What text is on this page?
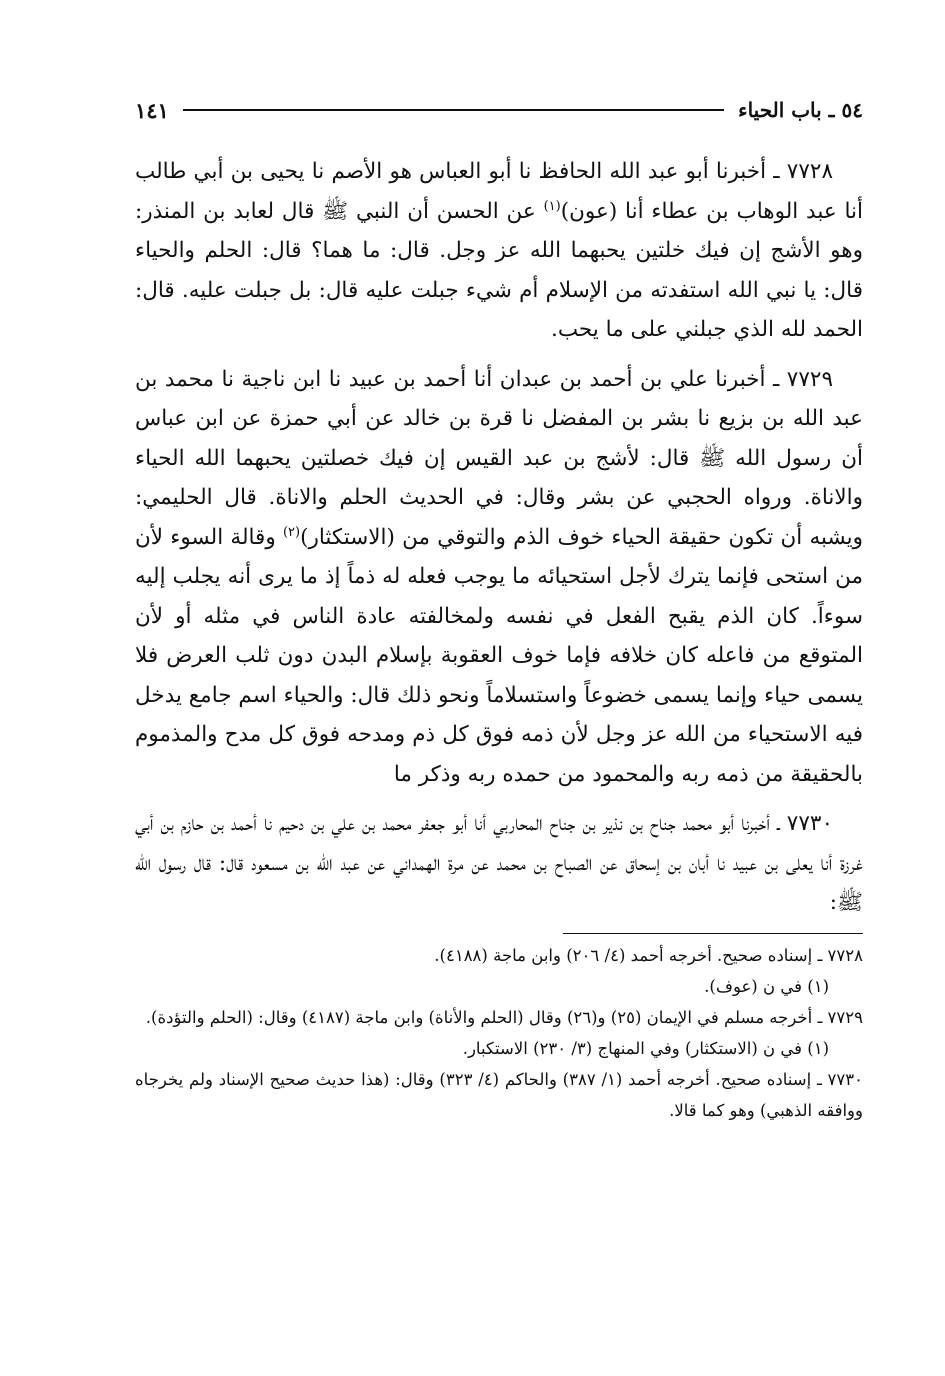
٥٤ ـ باب الحياء
١٤١

٧٧٢٨ ـ أخبرنا أبو عبد الله الحافظ نا أبو العباس هو الأصم نا يحيى بن أبي طالب أنا عبد الوهاب بن عطاء أنا (عون)$^{(١)}$ عن الحسن أن النبي ﷺ قال لعابد بن المنذر: وهو الأشج إن فيك خلتين يحبهما الله عز وجل. قال: ما هما؟ قال: الحلم والحياء قال: يا نبي الله استفدته من الإسلام أم شيء جبلت عليه قال: بل جبلت عليه. قال: الحمد لله الذي جبلني على ما يحب.

٧٧٢٩ ـ أخبرنا علي بن أحمد بن عبدان أنا أحمد بن عبيد نا ابن ناجية نا محمد بن عبد الله بن بزيع نا بشر بن المفضل نا قرة بن خالد عن أبي حمزة عن ابن عباس أن رسول الله ﷺ قال: لأشج بن عبد القيس إن فيك خصلتين يحبهما الله الحياء والاناة. ورواه الحجبي عن بشر وقال: في الحديث الحلم والاناة. قال الحليمي: ويشبه أن تكون حقيقة الحياء خوف الذم والتوقي من (الاستكثار)$^{(٢)}$ وقالة السوء لأن من استحى فإنما يترك لأجل استحيائه ما يوجب فعله له ذماً إذ ما يرى أنه يجلب إليه سوءاً. كان الذم يقبح الفعل في نفسه ولمخالفته عادة الناس في مثله أو لأن المتوقع من فاعله كان خلافه فإما خوف العقوبة بإسلام البدن دون ثلب العرض فلا يسمى حياء وإنما يسمى خضوعاً واستسلاماً ونحو ذلك قال: والحياء اسم جامع يدخل فيه الاستحياء من الله عز وجل لأن ذمه فوق كل ذم ومدحه فوق كل مدح والمذموم بالحقيقة من ذمه ربه والمحمود من حمده ربه وذكر ما

٧٧٣٠ ـ أخبرنا أبو محمد جناح بن نذير بن جناح المحاربي أنا أبو جعفر محمد بن علي بن دحيم نا أحمد بن حازم بن أبي غرزة أنا يعلى بن عبيد نا أبان بن إسحاق عن الصباح بن محمد عن مرة الهمداني عن عبد الله بن مسعود قال: قال رسول الله ﷺ:

٧٧٢٨ ـ إسناده صحيح. أخرجه أحمد (٤/ ٢٠٦) وابن ماجة (٤١٨٨).

(١) في ن (عوف).

٧٧٢٩ ـ أخرجه مسلم في الإيمان (٢٥) و(٢٦) وقال (الحلم والأناة) وابن ماجة (٤١٨٧) وقال: (الحلم والتؤدة).

(١) في ن (الاستكثار) وفي المنهاج (٣/ ٢٣٠) الاستكبار.

٧٧٣٠ ـ إسناده صحيح. أخرجه أحمد (١/ ٣٨٧) والحاكم (٤/ ٣٢٣) وقال: (هذا حديث صحيح الإسناد ولم يخرجاه ووافقه الذهبي) وهو كما قالا.
